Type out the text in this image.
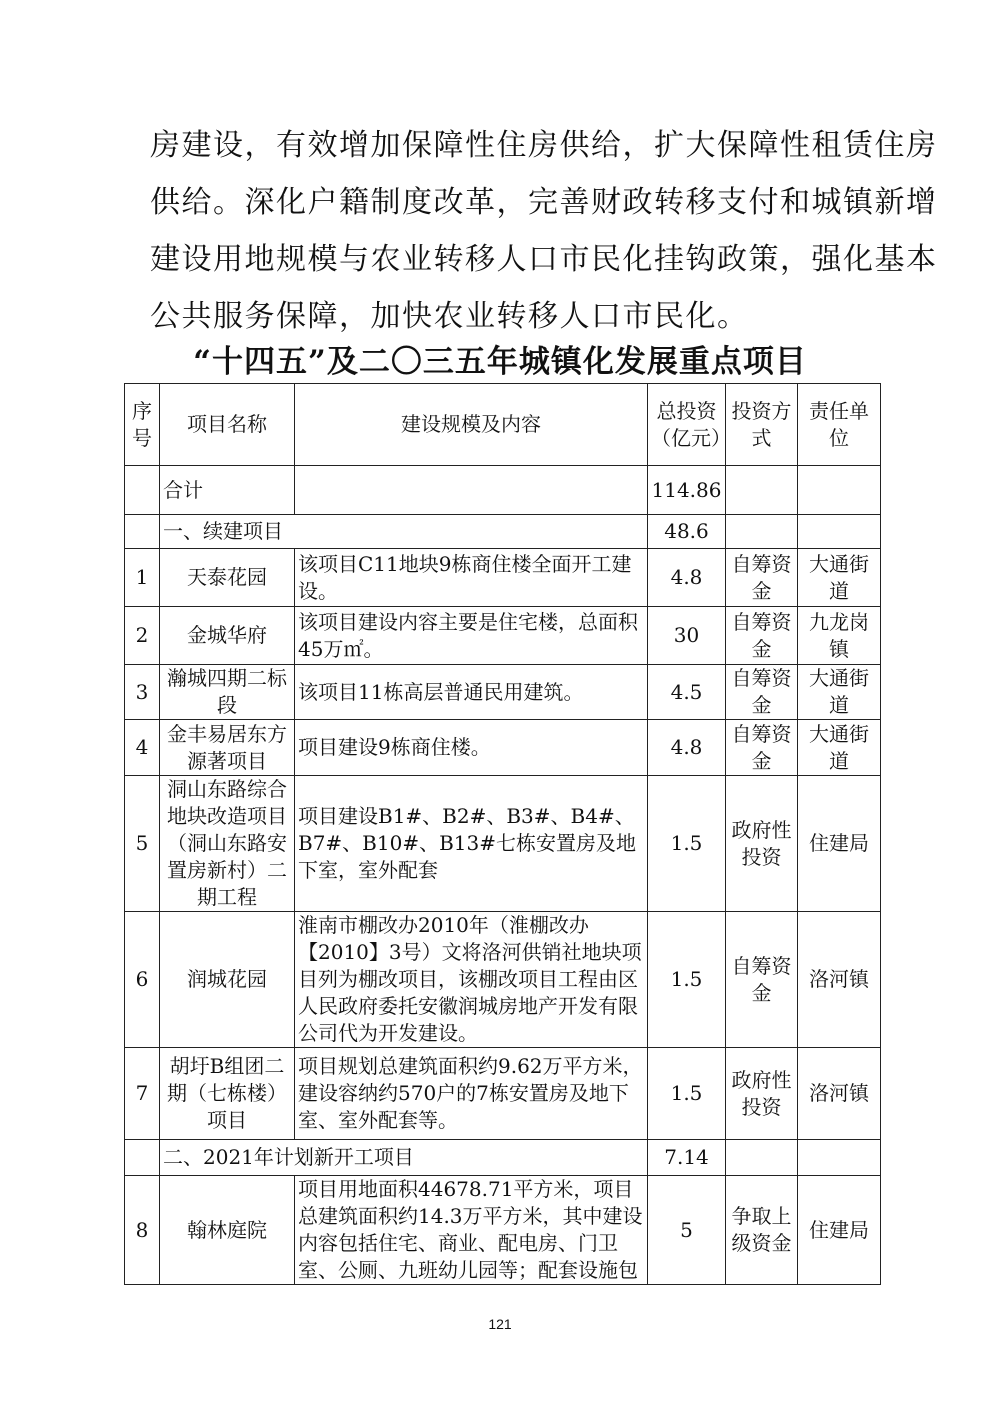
房建设，有效增加保障性住房供给，扩大保障性租赁住房

供给。深化户籍制度改革，完善财政转移支付和城镇新增

建设用地规模与农业转移人口市民化挂钩政策，强化基本

公共服务保障，加快农业转移人口市民化。

“十四五”及二〇三五年城镇化发展重点项目
序号	项目名称	建设规模及内容	总投资（亿元）	投资方式	责任单位
	合计		114.86		
	一、续建项目		48.6		
1	天泰花园	该项目C11地块9栋商住楼全面开工建设。	4.8	自筹资金	大通街道
2	金城华府	该项目建设内容主要是住宅楼，总面积45万㎡。	30	自筹资金	九龙岗镇
3	瀚城四期二标段	该项目11栋高层普通民用建筑。	4.5	自筹资金	大通街道
4	金丰易居东方源著项目	项目建设9栋商住楼。	4.8	自筹资金	大通街道
5	洞山东路综合地块改造项目（洞山东路安置房新村）二期工程	项目建设B1#、B2#、B3#、B4#、B7#、B10#、B13#七栋安置房及地下室，室外配套	1.5	政府性投资	住建局
6	润城花园	淮南市棚改办2010年（淮棚改办【2010】3号）文将洛河供销社地块项目列为棚改项目，该棚改项目工程由区人民政府委托安徽润城房地产开发有限公司代为开发建设。	1.5	自筹资金	洛河镇
7	胡圩B组团二期（七栋楼）项目	项目规划总建筑面积约9.62万平方米，建设容纳约570户的7栋安置房及地下室、室外配套等。	1.5	政府性投资	洛河镇
	二、2021年计划新开工项目		7.14		
8	翰林庭院	项目用地面积44678.71平方米，项目总建筑面积约14.3万平方米，其中建设内容包括住宅、商业、配电房、门卫室、公厕、九班幼儿园等；配套设施包	5	争取上级资金	住建局
121
